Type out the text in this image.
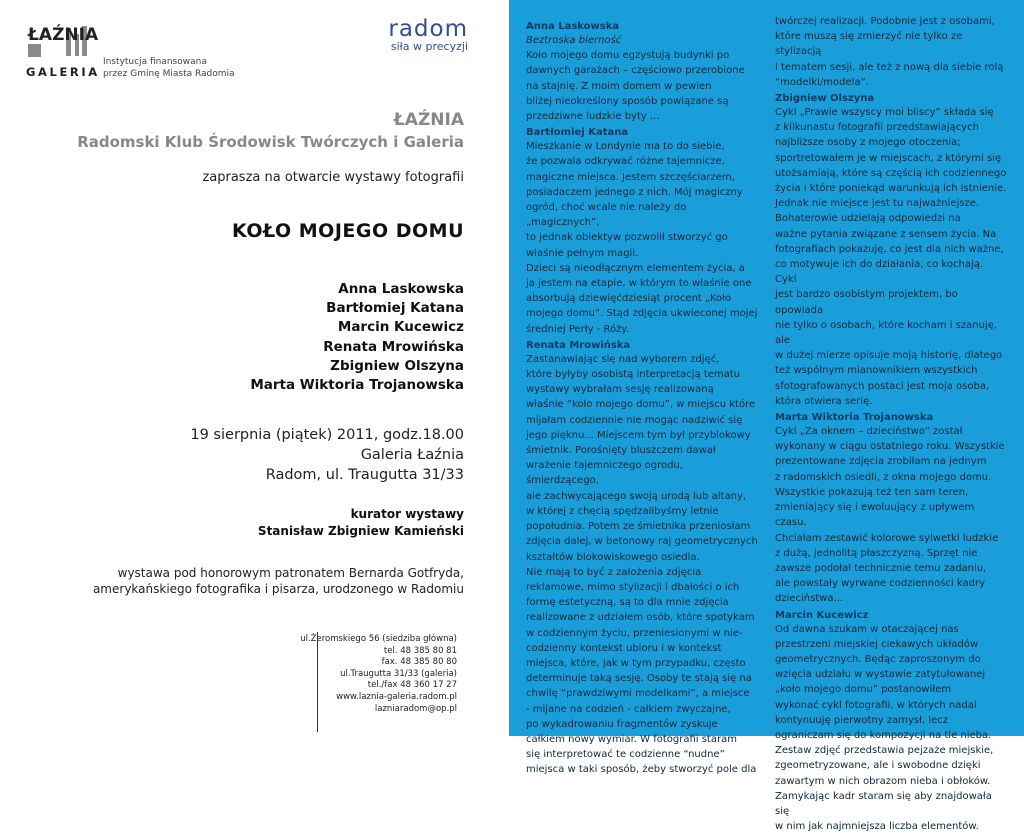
ŁAŹNIA
GALERIA
Instytucja finansowana
przez Gminę Miasta Radomia
radom
siła w precyzji
ŁAŹNIA
Radomski Klub Środowisk Twórczych i Galeria
zaprasza na otwarcie wystawy fotografii
KOŁO MOJEGO DOMU
Anna Laskowska
Bartłomiej Katana
Marcin Kucewicz
Renata Mrowińska
Zbigniew Olszyna
Marta Wiktoria Trojanowska
19 sierpnia (piątek) 2011, godz.18.00
Galeria Łaźnia
Radom, ul. Traugutta 31/33
kurator wystawy
Stanisław Zbigniew Kamieński
wystawa pod honorowym patronatem Bernarda Gotfryda,
amerykańskiego fotografika i pisarza, urodzonego w Radomiu
ul.Żeromskiego 56 (siedziba główna)
tel. 48 385 80 81
fax. 48 385 80 80
ul.Traugutta 31/33 (galeria)
tel./fax 48 360 17 27
www.laznia-galeria.radom.pl
lazniaradom@op.pl
Anna Laskowska

Beztroska bierność

Koło mojego domu egzystują budynki po

dawnych garażach – częściowo przerobione

na stajnię. Z moim domem w pewien

bliżej nieokreślony sposób powiązane są

przedziwne ludzkie byty ...

Bartłomiej Katana

Mieszkanie w Londynie ma to do siebie,

że pozwala odkrywać różne tajemnicze,

magiczne miejsca. Jestem szczęściarzem,

posiadaczem jednego z nich. Mój magiczny

ogród, choć wcale nie należy do „magicznych”,

to jednak obiektyw pozwolił stworzyć go

właśnie pełnym magii.

Dzieci są nieodłącznym elementem życia, a

ja jestem na etapie, w którym to właśnie one

absorbują dziewięćdziesiąt procent „Koło

mojego domu”. Stąd zdjęcia ukwieconej mojej

średniej Perły - Róży.

Renata Mrowińska

Zastanawiając się nad wyborem zdjęć,

które byłyby osobistą interpretacją tematu

wystawy wybrałam sesję realizowaną

właśnie “koło mojego domu”, w miejscu które

mijałam codziennie nie mogąc nadziwić się

jego pięknu... Miejscem tym był przyblokowy

śmietnik. Porośnięty bluszczem dawał

wrażenie tajemniczego ogrodu, śmierdzącego,

ale zachwycającego swoją urodą lub altany,

w której z chęcią spędzalibyśmy letnie

popołudnia. Potem ze śmietnika przeniosłam

zdjęcia dalej, w betonowy raj geometrycznych

kształtów blokowiskowego osiedla.

Nie mają to być z założenia zdjęcia

reklamowe, mimo stylizacji i dbałości o ich

formę estetyczną, są to dla mnie zdjęcia

realizowane z udziałem osób, które spotykam

w codziennym życiu, przeniesionymi w nie-

codzienny kontekst ubioru i w kontekst

miejsca, które, jak w tym przypadku, często

determinuje taką sesję. Osoby te stają się na

chwilę “prawdziwymi modelkami”, a miejsce

- mijane na codzień - całkiem zwyczajne,

po wykadrowaniu fragmentów zyskuje

całkiem nowy wymiar. W fotografii staram

się interpretować te codzienne “nudne”

miejsca w taki sposób, żeby stworzyć pole dla

twórczej realizacji. Podobnie jest z osobami,

które muszą się zmierzyć nie tylko ze stylizacją

i tematem sesji, ale też z nową dla siebie rolą

“modelki/modela”.

Zbigniew Olszyna

Cykl „Prawie wszyscy moi bliscy” składa się

z kilkunastu fotografii przedstawiających

najbliższe osoby z mojego otoczenia;

sportretowałem je w miejscach, z którymi się

utożsamiają, które są częścią ich codziennego

życia i które poniekąd warunkują ich istnienie.

Jednak nie miejsce jest tu najważniejsze.

Bohaterowie udzielają odpowiedzi na

ważne pytania związane z sensem życia. Na

fotografiach pokazuję, co jest dla nich ważne,

co motywuje ich do działania, co kochają. Cykl

jest bardzo osobistym projektem, bo opowiada

nie tylko o osobach, które kocham i szanuję, ale

w dużej mierze opisuje moją historię, dlatego

też wspólnym mianownikiem wszystkich

sfotografowanych postaci jest moja osoba,

która otwiera serię.

Marta Wiktoria Trojanowska

Cykl „Za oknem – dzieciństwo” został

wykonany w ciągu ostatniego roku. Wszystkie

prezentowane zdjęcia zrobiłam na jednym

z radomskich osiedli, z okna mojego domu.

Wszystkie pokazują też ten sam teren,

zmieniający się i ewoluujący z upływem czasu.

Chciałam zestawić kolorowe sylwetki ludzkie

z dużą, jednolitą płaszczyzną. Sprzęt nie

zawsze podołał technicznie temu zadaniu,

ale powstały wyrwane codzienności kadry

dzieciństwa...

Marcin Kucewicz

Od dawna szukam w otaczającej nas

przestrzeni miejskiej ciekawych układów

geometrycznych. Będąc zaproszonym do

wzięcia udziału w wystawie zatytułowanej

„koło mojego domu” postanowiłem

wykonać cykl fotografii, w których nadal

kontynuuję pierwotny zamysł, lecz

ograniczam się do kompozycji na tle nieba.

Zestaw zdjęć przedstawia pejzaże miejskie,

zgeometryzowane, ale i swobodne dzięki

zawartym w nich obrazom nieba i obłoków.

Zamykając kadr staram się aby znajdowała się

w nim jak najmniejsza liczba elementów.
